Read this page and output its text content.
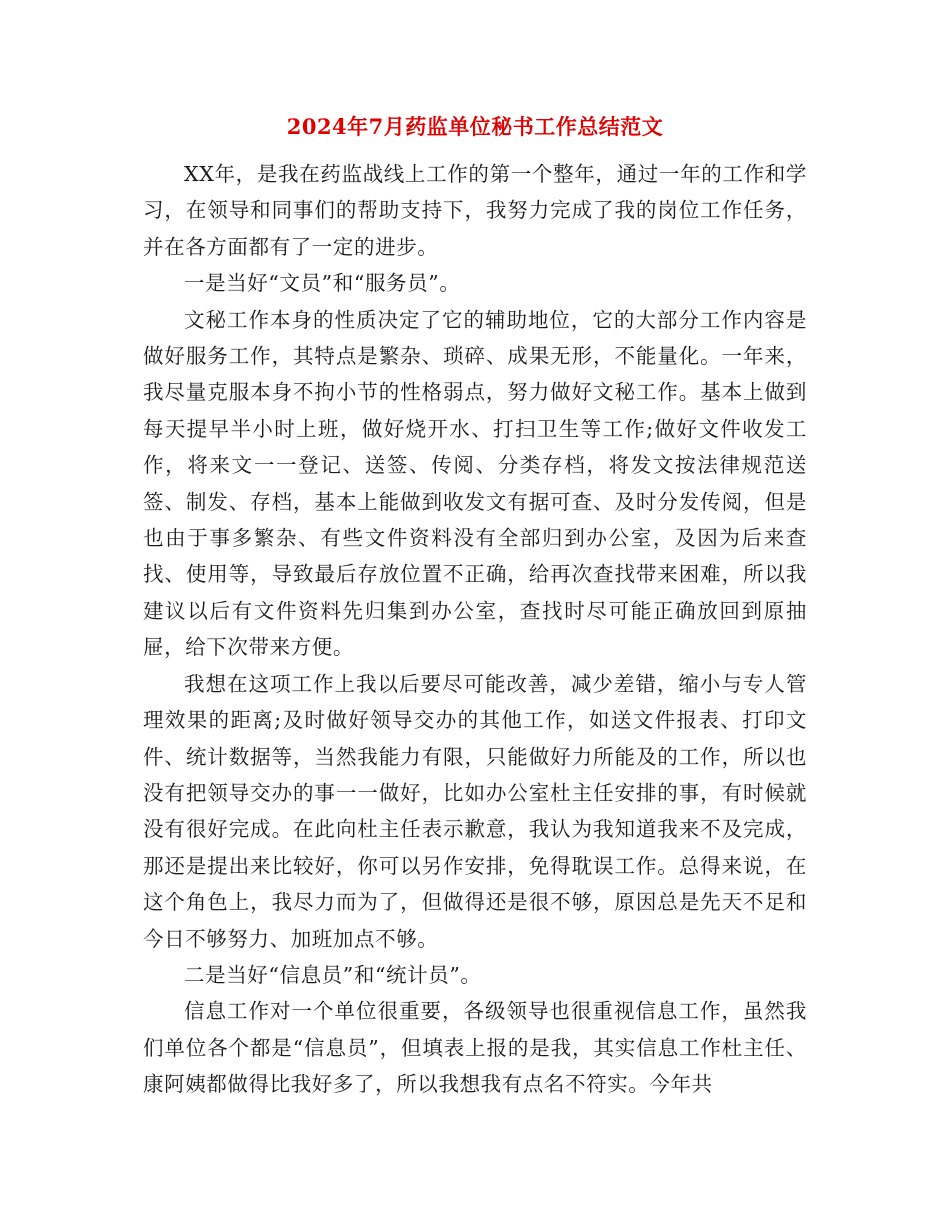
2024年7月药监单位秘书工作总结范文

XX年，是我在药监战线上工作的第一个整年，通过一年的工作和学习，在领导和同事们的帮助支持下，我努力完成了我的岗位工作任务，并在各方面都有了一定的进步。

一是当好“文员”和“服务员”。

文秘工作本身的性质决定了它的辅助地位，它的大部分工作内容是做好服务工作，其特点是繁杂、琐碎、成果无形，不能量化。一年来，我尽量克服本身不拘小节的性格弱点，努力做好文秘工作。基本上做到每天提早半小时上班，做好烧开水、打扫卫生等工作;做好文件收发工作，将来文一一登记、送签、传阅、分类存档，将发文按法律规范送签、制发、存档，基本上能做到收发文有据可查、及时分发传阅，但是也由于事多繁杂、有些文件资料没有全部归到办公室，及因为后来查找、使用等，导致最后存放位置不正确，给再次查找带来困难，所以我建议以后有文件资料先归集到办公室，查找时尽可能正确放回到原抽屉，给下次带来方便。

我想在这项工作上我以后要尽可能改善，减少差错，缩小与专人管理效果的距离;及时做好领导交办的其他工作，如送文件报表、打印文件、统计数据等，当然我能力有限，只能做好力所能及的工作，所以也没有把领导交办的事一一做好，比如办公室杜主任安排的事，有时候就没有很好完成。在此向杜主任表示歉意，我认为我知道我来不及完成，那还是提出来比较好，你可以另作安排，免得耽误工作。总得来说，在这个角色上，我尽力而为了，但做得还是很不够，原因总是先天不足和今日不够努力、加班加点不够。

二是当好“信息员”和“统计员”。

信息工作对一个单位很重要，各级领导也很重视信息工作，虽然我们单位各个都是“信息员”，但填表上报的是我，其实信息工作杜主任、康阿姨都做得比我好多了，所以我想我有点名不符实。今年共
